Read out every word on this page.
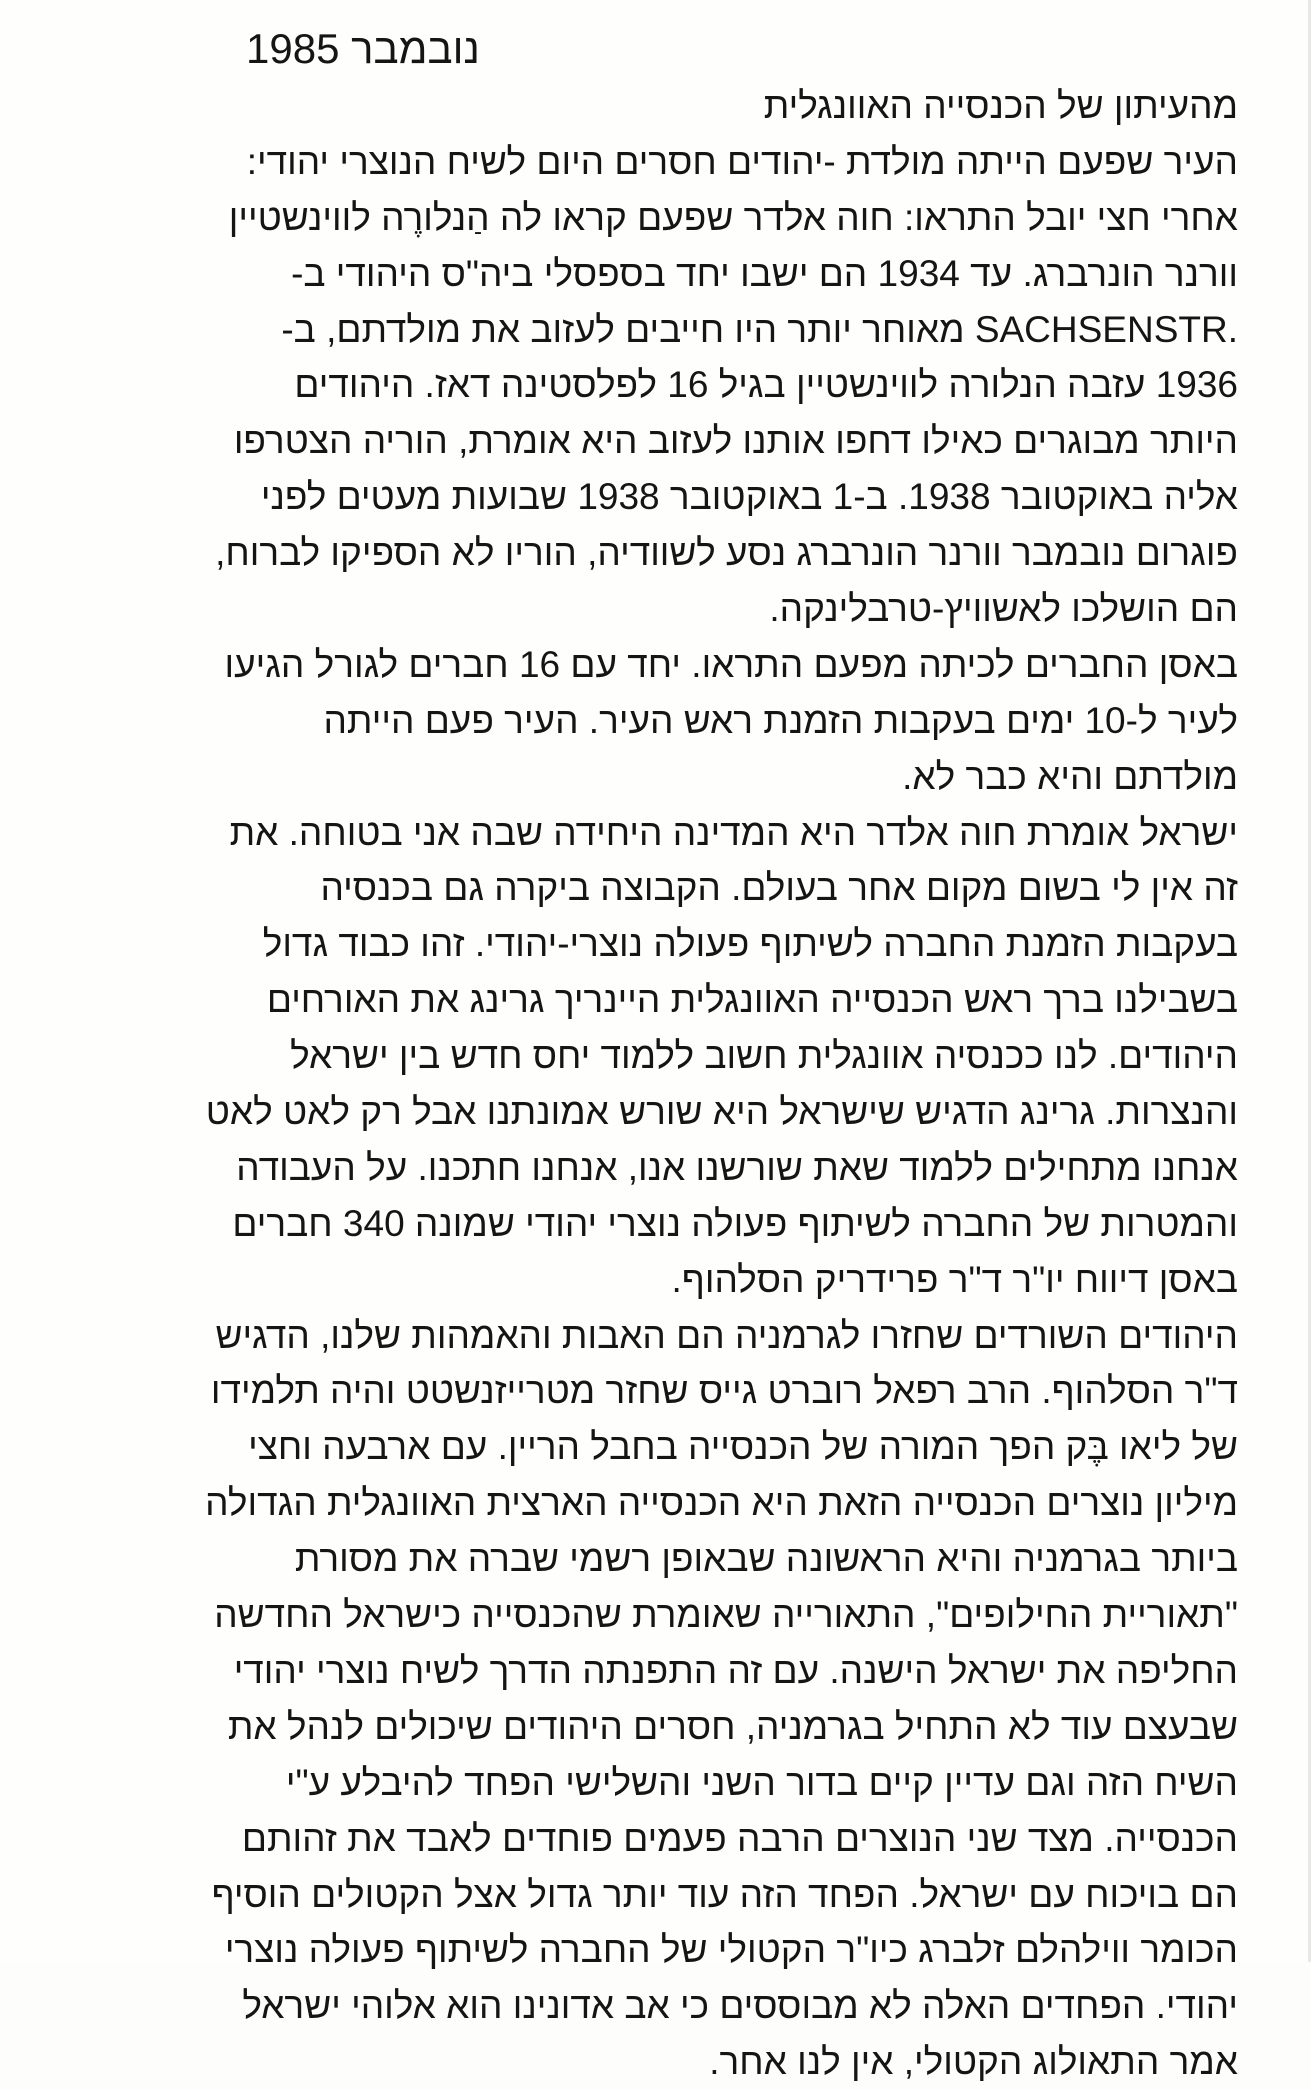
נובמבר 1985
מהעיתון של הכנסייה האוונגלית
העיר שפעם הייתה מולדת -יהודים חסרים היום לשיח הנוצרי יהודי:
אחרי חצי יובל התראו: חוה אלדר שפעם קראו לה הַנלורֶה לווינשטיין
וורנר הונרברג. עד 1934 הם ישבו יחד בספסלי ביה"ס היהודי ב-
.SACHSENSTR מאוחר יותר היו חייבים לעזוב את מולדתם, ב-
1936 עזבה הנלורה לווינשטיין בגיל 16 לפלסטינה דאז. היהודים
היותר מבוגרים כאילו דחפו אותנו לעזוב היא אומרת, הוריה הצטרפו
אליה באוקטובר 1938. ב-1 באוקטובר 1938 שבועות מעטים לפני
פוגרום נובמבר וורנר הונרברג נסע לשוודיה, הוריו לא הספיקו לברוח,
הם הושלכו לאשוויץ-טרבלינקה.
באסן החברים לכיתה מפעם התראו. יחד עם 16 חברים לגורל הגיעו
לעיר ל-10 ימים בעקבות הזמנת ראש העיר. העיר פעם הייתה
מולדתם והיא כבר לא.
ישראל אומרת חוה אלדר היא המדינה היחידה שבה אני בטוחה. את
זה אין לי בשום מקום אחר בעולם. הקבוצה ביקרה גם בכנסיה
בעקבות הזמנת החברה לשיתוף פעולה נוצרי-יהודי. זהו כבוד גדול
בשבילנו ברך ראש הכנסייה האוונגלית היינריך גרינג את האורחים
היהודים. לנו ככנסיה אוונגלית חשוב ללמוד יחס חדש בין ישראל
והנצרות. גרינג הדגיש שישראל היא שורש אמונתנו אבל רק לאט לאט
אנחנו מתחילים ללמוד שאת שורשנו אנו, אנחנו חתכנו. על העבודה
והמטרות של החברה לשיתוף פעולה נוצרי יהודי שמונה 340 חברים
באסן דיווח יו"ר ד"ר פרידריק הסלהוף.
היהודים השורדים שחזרו לגרמניה הם האבות והאמהות שלנו, הדגיש
ד"ר הסלהוף. הרב רפאל רוברט גייס שחזר מטרייזנשטט והיה תלמידו
של ליאו בֶּק הפך המורה של הכנסייה בחבל הריין. עם ארבעה וחצי
מיליון נוצרים הכנסייה הזאת היא הכנסייה הארצית האוונגלית הגדולה
ביותר בגרמניה והיא הראשונה שבאופן רשמי שברה את מסורת
"תאוריית החילופים", התאורייה שאומרת שהכנסייה כישראל החדשה
החליפה את ישראל הישנה. עם זה התפנתה הדרך לשיח נוצרי יהודי
שבעצם עוד לא התחיל בגרמניה, חסרים היהודים שיכולים לנהל את
השיח הזה וגם עדיין קיים בדור השני והשלישי הפחד להיבלע ע"י
הכנסייה. מצד שני הנוצרים הרבה פעמים פוחדים לאבד את זהותם
הם בויכוח עם ישראל. הפחד הזה עוד יותר גדול אצל הקטולים הוסיף
הכומר ווילהלם זלברג כיו"ר הקטולי של החברה לשיתוף פעולה נוצרי
יהודי. הפחדים האלה לא מבוססים כי אב אדונינו הוא אלוהי ישראל
אמר התאולוג הקטולי, אין לנו אחר.
